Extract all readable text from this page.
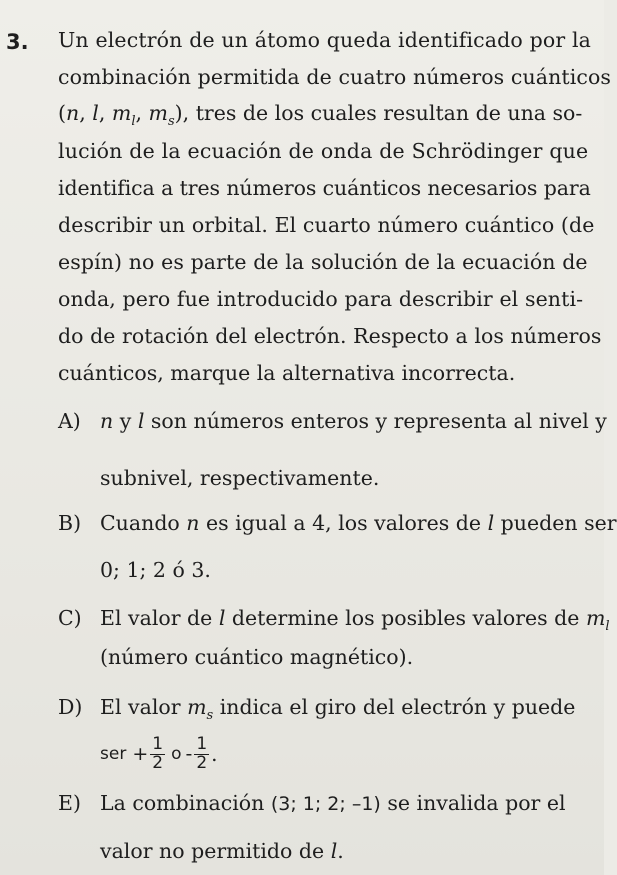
3. Un electrón de un átomo queda identificado por la
combinación permitida de cuatro números cuánticos
(n, l, $m_l$, $m_s$), tres de los cuales resultan de una so-
lución de la ecuación de onda de Schrödinger que
identifica a tres números cuánticos necesarios para
describir un orbital. El cuarto número cuántico (de
espín) no es parte de la solución de la ecuación de
onda, pero fue introducido para describir el senti-
do de rotación del electrón. Respecto a los números
cuánticos, marque la alternativa incorrecta.
A) n y l son números enteros y representa al nivel y
subnivel, respectivamente.
B) Cuando n es igual a 4, los valores de l pueden ser
0; 1; 2 ó 3.
C) El valor de l determine los posibles valores de $m_l$
(número cuántico magnético).
D) El valor $m_s$ indica el giro del electrón y puede
ser + $\frac{1}{2}$ o - $\frac{1}{2}$ .
E) La combinación (3; 1; 2; –1) se invalida por el
valor no permitido de l.
